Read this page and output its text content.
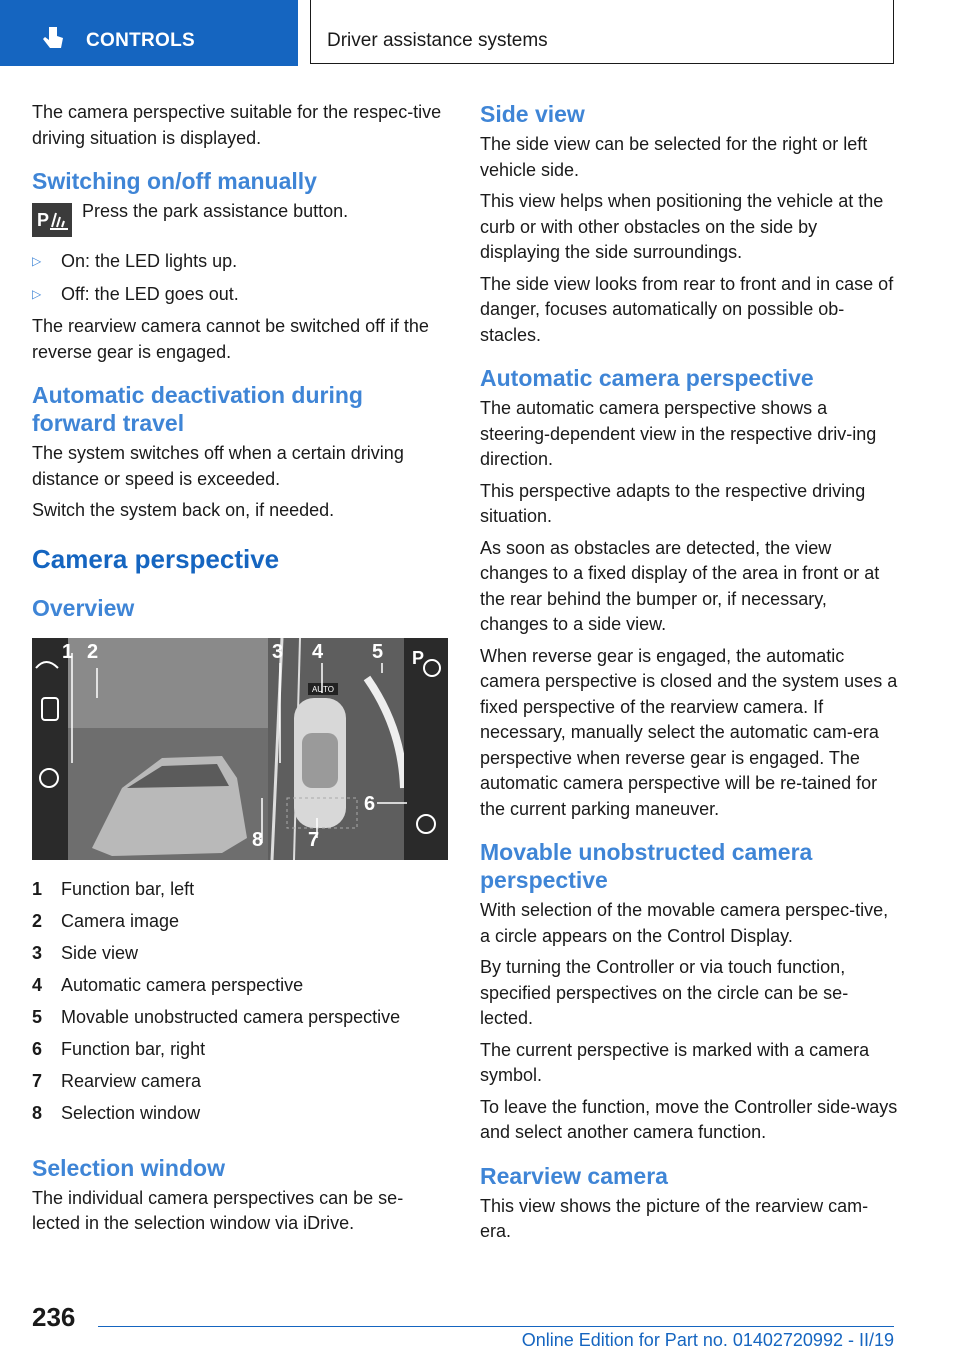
CONTROLS	Driver assistance systems

The camera perspective suitable for the respec-tive driving situation is displayed.

Switching on/off manually
P	Press the park assistance button.

▷	On: the LED lights up.
▷	Off: the LED goes out.

The rearview camera cannot be switched off if the reverse gear is engaged.

Automatic deactivation during forward travel

The system switches off when a certain driving distance or speed is exceeded.

Switch the system back on, if needed.

Camera perspective
Overview
AUTO
P
1 2	3 4 5
6
7
8
1	Function bar, left
2	Camera image
3	Side view
4	Automatic camera perspective
5	Movable unobstructed camera perspective
6	Function bar, right
7	Rearview camera
8	Selection window
Selection window

The individual camera perspectives can be se-lected in the selection window via iDrive.

Side view

The side view can be selected for the right or left vehicle side.

This view helps when positioning the vehicle at the curb or with other obstacles on the side by displaying the side surroundings.

The side view looks from rear to front and in case of danger, focuses automatically on possible ob-stacles.

Automatic camera perspective

The automatic camera perspective shows a steering-dependent view in the respective driv-ing direction.

This perspective adapts to the respective driving situation.

As soon as obstacles are detected, the view changes to a fixed display of the area in front or at the rear behind the bumper or, if necessary, changes to a side view.

When reverse gear is engaged, the automatic camera perspective is closed and the system uses a fixed perspective of the rearview camera. If necessary, manually select the automatic cam-era perspective when reverse gear is engaged. The automatic camera perspective will be re-tained for the current parking maneuver.

Movable unobstructed camera perspective

With selection of the movable camera perspec-tive, a circle appears on the Control Display.

By turning the Controller or via touch function, specified perspectives on the circle can be se-lected.

The current perspective is marked with a camera symbol.

To leave the function, move the Controller side-ways and select another camera function.

Rearview camera

This view shows the picture of the rearview cam-era.

236
Online Edition for Part no. 01402720992 - II/19
